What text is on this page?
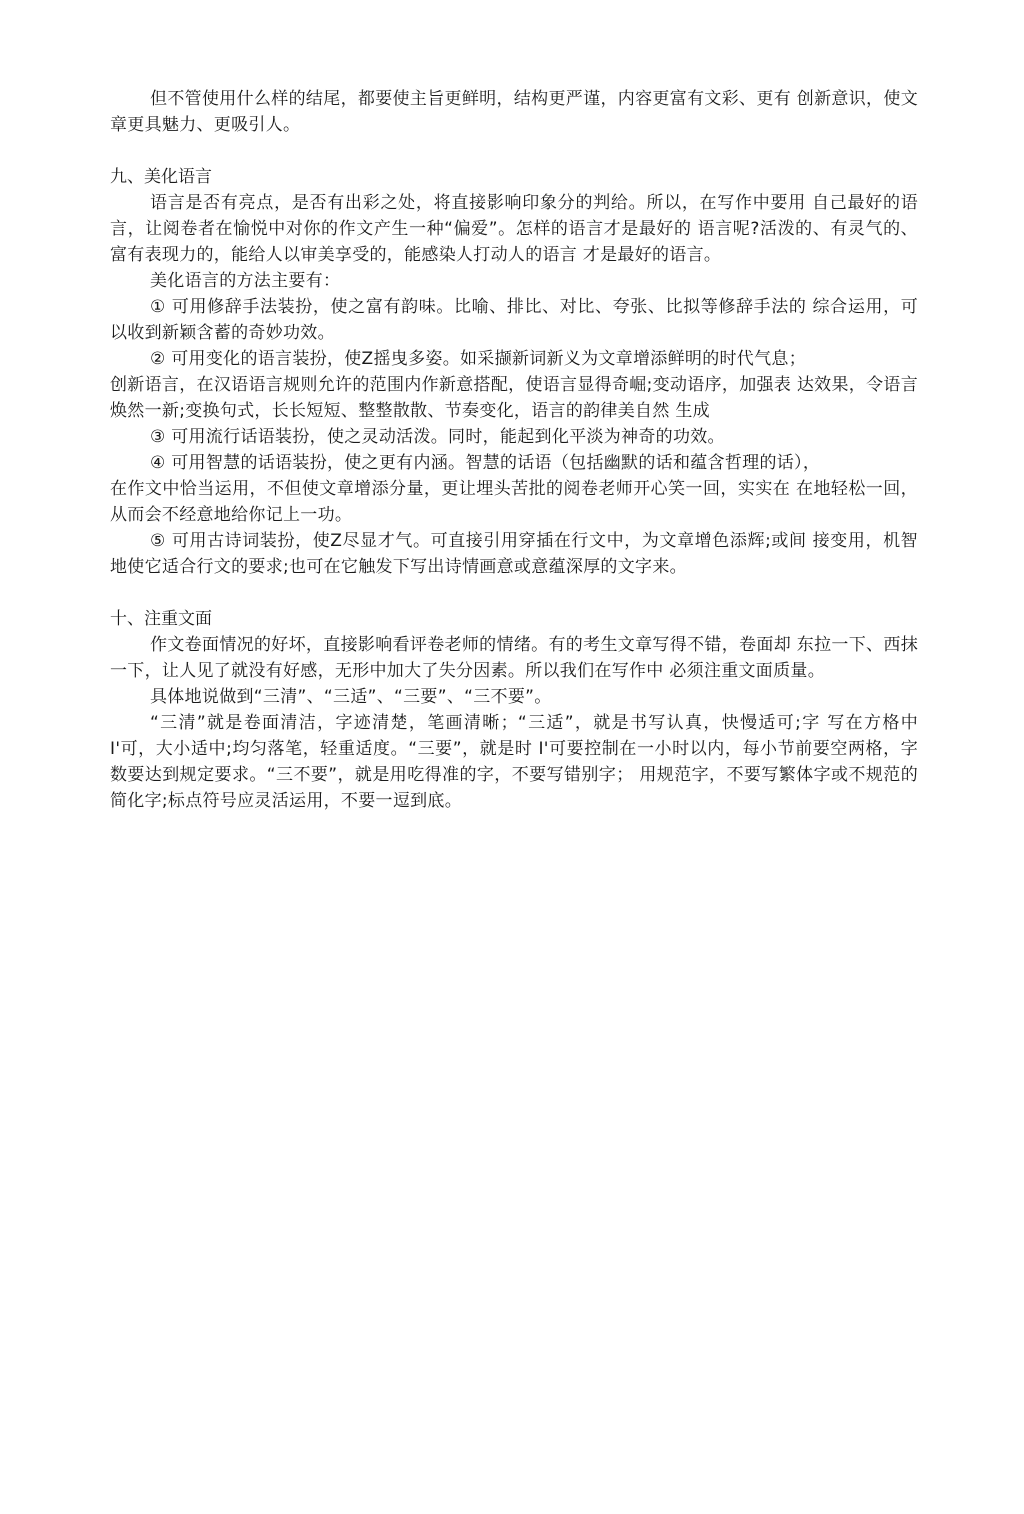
但不管使用什么样的结尾，都要使主旨更鲜明，结构更严谨，内容更富有文彩、更有 创新意识，使文章更具魅力、更吸引人。

九、美化语言

语言是否有亮点，是否有出彩之处，将直接影响印象分的判给。所以，在写作中要用 自己最好的语言，让阅卷者在愉悦中对你的作文产生一种“偏爱”。怎样的语言才是最好的 语言呢?活泼的、有灵气的、富有表现力的，能给人以审美享受的，能感染人打动人的语言 才是最好的语言。

美化语言的方法主要有：

① 可用修辞手法装扮，使之富有韵味。比喻、排比、对比、夸张、比拟等修辞手法的 综合运用，可以收到新颖含蓄的奇妙功效。

② 可用变化的语言装扮，使Z摇曳多姿。如采撷新词新义为文章增添鲜明的时代气息；

创新语言，在汉语语言规则允许的范围内作新意搭配，使语言显得奇崛;变动语序，加强表 达效果，令语言焕然一新;变换句式，长长短短、整整散散、节奏变化，语言的韵律美自然 生成

③ 可用流行话语装扮，使之灵动活泼。同时，能起到化平淡为神奇的功效。

④ 可用智慧的话语装扮，使之更有内涵。智慧的话语（包括幽默的话和蕴含哲理的话），

在作文中恰当运用，不但使文章增添分量，更让埋头苦批的阅卷老师开心笑一回，实实在 在地轻松一回，从而会不经意地给你记上一功。

⑤ 可用古诗词装扮，使Z尽显才气。可直接引用穿插在行文中，为文章增色添辉;或间 接变用，机智地使它适合行文的要求;也可在它触发下写出诗情画意或意蕴深厚的文字来。

十、注重文面

作文卷面情况的好坏，直接影响看评卷老师的情绪。有的考生文章写得不错，卷面却 东拉一下、西抹一下，让人见了就没有好感，无形中加大了失分因素。所以我们在写作中 必须注重文面质量。

具体地说做到“三清”、“三适”、“三要”、“三不要”。

“三清”就是卷面清洁，字迹清楚，笔画清晰；“三适”，就是书写认真，快慢适可;字 写在方格中 I'可，大小适中;均匀落笔，轻重适度。“三要”，就是时 I'可要控制在一小时以内，每小节前要空两格，字数要达到规定要求。“三不要”，就是用吃得准的字，不要写错别字； 用规范字，不要写繁体字或不规范的简化字;标点符号应灵活运用，不要一逗到底。
